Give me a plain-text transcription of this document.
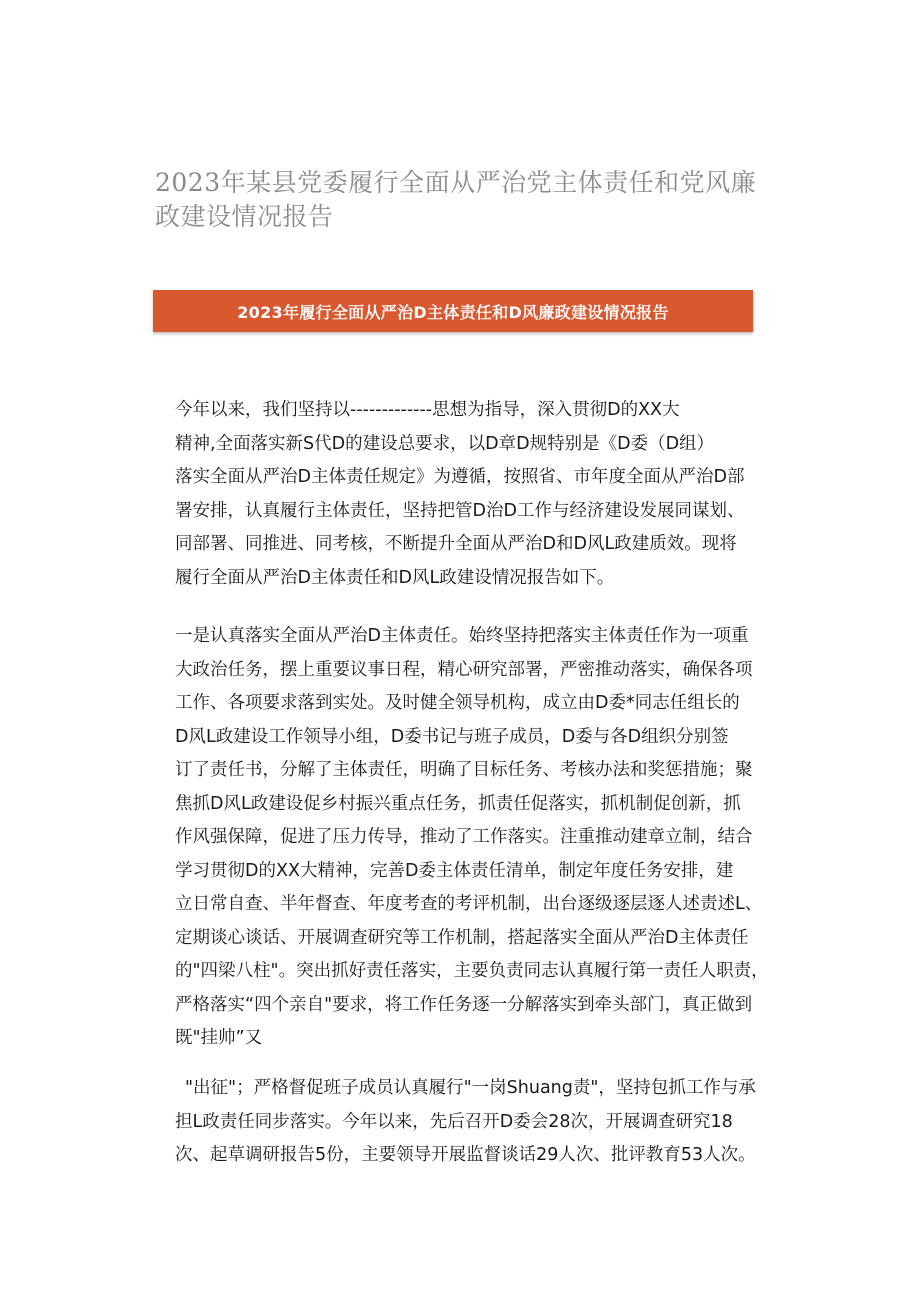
2023年某县党委履行全面从严治党主体责任和党风廉
政建设情况报告
2023年履行全面从严治D主体责任和D风廉政建设情况报告
今年以来，我们坚持以-------------思想为指导，深入贯彻D的XX大
精神,全面落实新S代D的建设总要求，以D章D规特别是《D委（D组）
落实全面从严治D主体责任规定》为遵循，按照省、市年度全面从严治D部
署安排，认真履行主体责任，坚持把管D治D工作与经济建设发展同谋划、
同部署、同推进、同考核，不断提升全面从严治D和D风L政建质效。现将
履行全面从严治D主体责任和D风L政建设情况报告如下。
一是认真落实全面从严治D主体责任。始终坚持把落实主体责任作为一项重
大政治任务，摆上重要议事日程，精心研究部署，严密推动落实，确保各项
工作、各项要求落到实处。及时健全领导机构，成立由D委*同志任组长的
D风L政建设工作领导小组，D委书记与班子成员，D委与各D组织分别签
订了责任书，分解了主体责任，明确了目标任务、考核办法和奖惩措施；聚
焦抓D风L政建设促乡村振兴重点任务，抓责任促落实，抓机制促创新，抓
作风强保障，促进了压力传导，推动了工作落实。注重推动建章立制，结合
学习贯彻D的XX大精神，完善D委主体责任清单，制定年度任务安排，建
立日常自查、半年督查、年度考查的考评机制，出台逐级逐层逐人述责述L、
定期谈心谈话、开展调查研究等工作机制，搭起落实全面从严治D主体责任
的"四梁八柱"。突出抓好责任落实，主要负责同志认真履行第一责任人职责，
严格落实“四个亲自"要求，将工作任务逐一分解落实到牵头部门，真正做到
既"挂帅”又
"出征"；严格督促班子成员认真履行"一岗Shuang责"，坚持包抓工作与承
担L政责任同步落实。今年以来，先后召开D委会28次，开展调查研究18
次、起草调研报告5份，主要领导开展监督谈话29人次、批评教育53人次。
